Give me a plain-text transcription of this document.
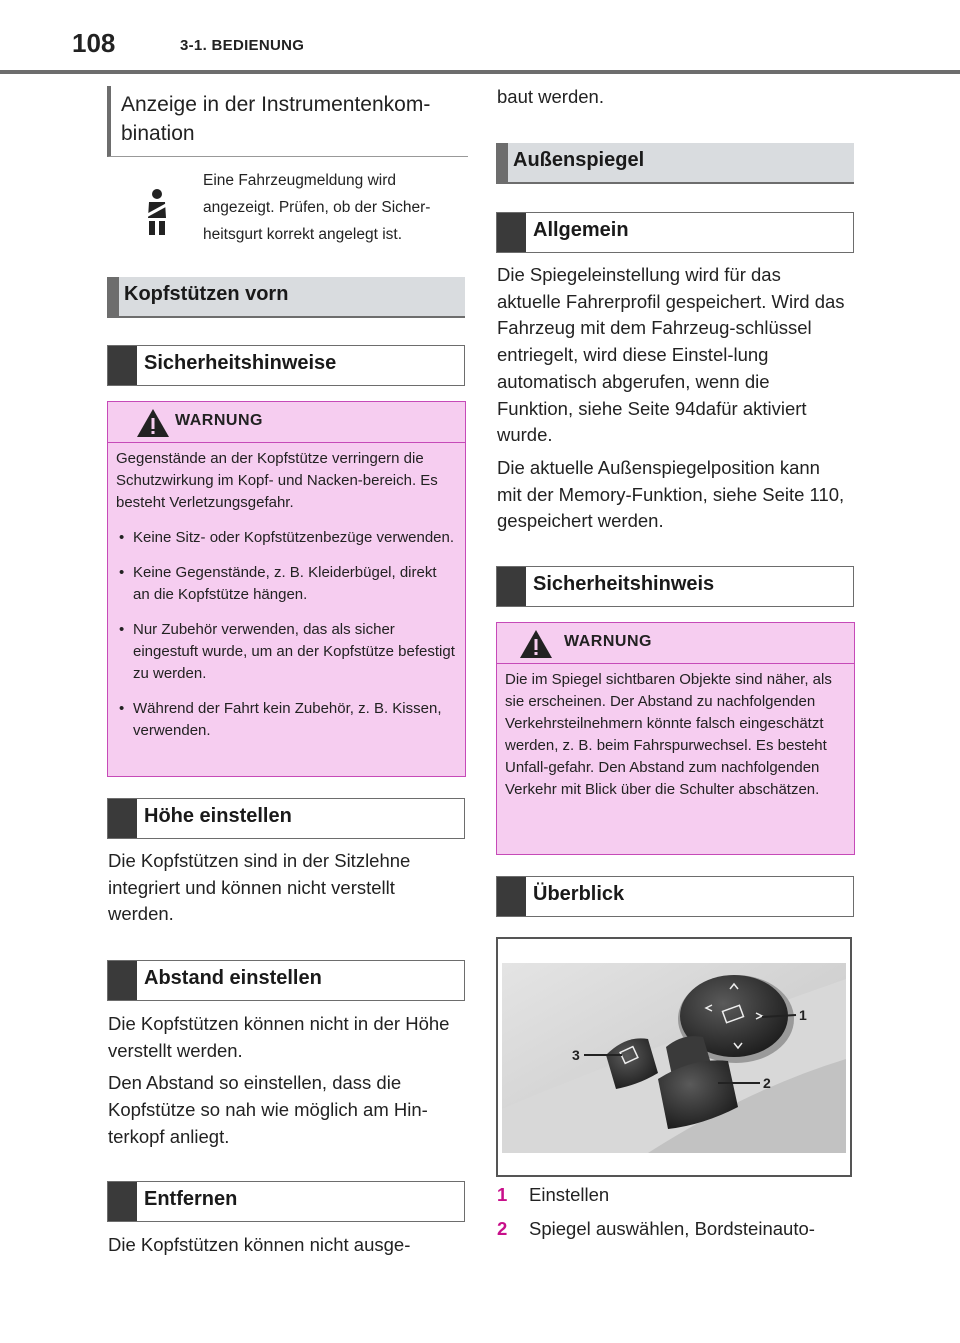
108	3-1. BEDIENUNG
Anzeige in der Instrumentenkom-bination
Eine Fahrzeugmeldung wird
angezeigt. Prüfen, ob der Sicher-
heitsgurt korrekt angelegt ist.
Kopfstützen vorn
Sicherheitshinweise
WARNUNG

Gegenstände an der Kopfstütze verringern die Schutzwirkung im Kopf- und Nacken-bereich. Es besteht Verletzungsgefahr.

• Keine Sitz- oder Kopfstützenbezüge verwenden.
• Keine Gegenstände, z. B. Kleiderbügel, direkt an die Kopfstütze hängen.
• Nur Zubehör verwenden, das als sicher eingestuft wurde, um an der Kopfstütze befestigt zu werden.
• Während der Fahrt kein Zubehör, z. B. Kissen, verwenden.
Höhe einstellen

Die Kopfstützen sind in der Sitzlehne integriert und können nicht verstellt werden.

Abstand einstellen

Die Kopfstützen können nicht in der Höhe verstellt werden.

Den Abstand so einstellen, dass die Kopfstütze so nah wie möglich am Hin-terkopf anliegt.

Entfernen

Die Kopfstützen können nicht ausge-

baut werden.

Außenspiegel
Allgemein

Die Spiegeleinstellung wird für das aktuelle Fahrerprofil gespeichert. Wird das Fahrzeug mit dem Fahrzeug-schlüssel entriegelt, wird diese Einstel-lung automatisch abgerufen, wenn die Funktion, siehe Seite 94dafür aktiviert wurde.

Die aktuelle Außenspiegelposition kann mit der Memory-Funktion, siehe Seite 110, gespeichert werden.

Sicherheitshinweis
WARNUNG

Die im Spiegel sichtbaren Objekte sind näher, als sie erscheinen. Der Abstand zu nachfolgenden Verkehrsteilnehmern könnte falsch eingeschätzt werden, z. B. beim Fahrspurwechsel. Es besteht Unfall-gefahr. Den Abstand zum nachfolgenden Verkehr mit Blick über die Schulter abschätzen.

Überblick
1
2
3
1 Einstellen
2 Spiegel auswählen, Bordsteinauto-
